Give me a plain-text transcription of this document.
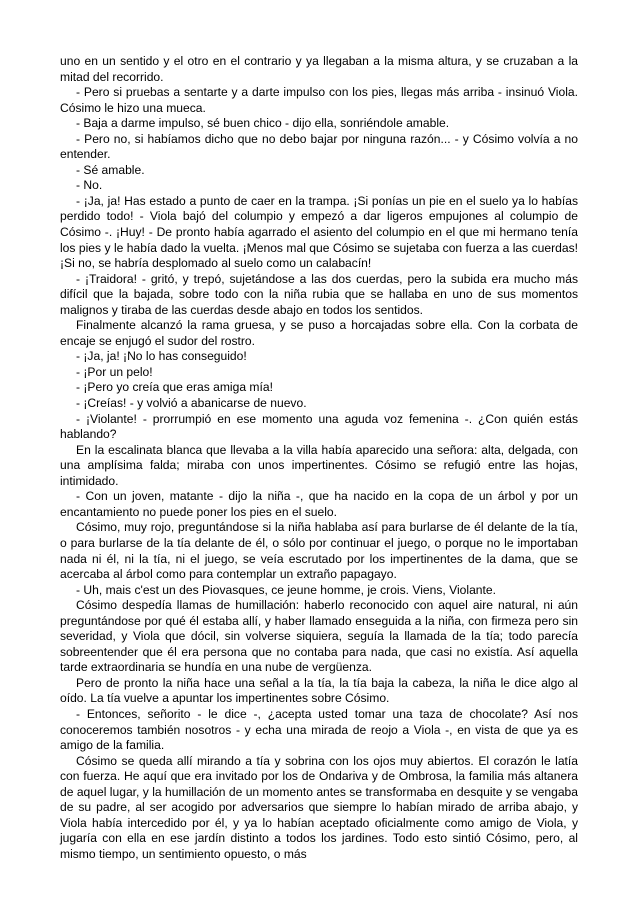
uno en un sentido y el otro en el contrario y ya llegaban a la misma altura, y se cruzaban a la mitad del recorrido.

- Pero si pruebas a sentarte y a darte impulso con los pies, llegas más arriba - insinuó Viola. Cósimo le hizo una mueca.

- Baja a darme impulso, sé buen chico - dijo ella, sonriéndole amable.

- Pero no, si habíamos dicho que no debo bajar por ninguna razón... - y Cósimo volvía a no entender.

- Sé amable.

- No.

- ¡Ja, ja! Has estado a punto de caer en la trampa. ¡Si ponías un pie en el suelo ya lo habías perdido todo! - Viola bajó del columpio y empezó a dar ligeros empujones al columpio de Cósimo -. ¡Huy! - De pronto había agarrado el asiento del columpio en el que mi hermano tenía los pies y le había dado la vuelta. ¡Menos mal que Cósimo se sujetaba con fuerza a las cuerdas! ¡Si no, se habría desplomado al suelo como un calabacín!

- ¡Traidora! - gritó, y trepó, sujetándose a las dos cuerdas, pero la subida era mucho más difícil que la bajada, sobre todo con la niña rubia que se hallaba en uno de sus momentos malignos y tiraba de las cuerdas desde abajo en todos los sentidos.

Finalmente alcanzó la rama gruesa, y se puso a horcajadas sobre ella. Con la corbata de encaje se enjugó el sudor del rostro.

- ¡Ja, ja! ¡No lo has conseguido!

- ¡Por un pelo!

- ¡Pero yo creía que eras amiga mía!

- ¡Creías! - y volvió a abanicarse de nuevo.

- ¡Violante! - prorrumpió en ese momento una aguda voz femenina -. ¿Con quién estás hablando?

En la escalinata blanca que llevaba a la villa había aparecido una señora: alta, delgada, con una amplísima falda; miraba con unos impertinentes. Cósimo se refugió entre las hojas, intimidado.

- Con un joven, matante - dijo la niña -, que ha nacido en la copa de un árbol y por un encantamiento no puede poner los pies en el suelo.

Cósimo, muy rojo, preguntándose si la niña hablaba así para burlarse de él delante de la tía, o para burlarse de la tía delante de él, o sólo por continuar el juego, o porque no le importaban nada ni él, ni la tía, ni el juego, se veía escrutado por los impertinentes de la dama, que se acercaba al árbol como para contemplar un extraño papagayo.

- Uh, mais c'est un des Piovasques, ce jeune homme, je crois. Viens, Violante.

Cósimo despedía llamas de humillación: haberlo reconocido con aquel aire natural, ni aún preguntándose por qué él estaba allí, y haber llamado enseguida a la niña, con firmeza pero sin severidad, y Viola que dócil, sin volverse siquiera, seguía la llamada de la tía; todo parecía sobreentender que él era persona que no contaba para nada, que casi no existía. Así aquella tarde extraordinaria se hundía en una nube de vergüenza.

Pero de pronto la niña hace una señal a la tía, la tía baja la cabeza, la niña le dice algo al oído. La tía vuelve a apuntar los impertinentes sobre Cósimo.

- Entonces, señorito - le dice -, ¿acepta usted tomar una taza de chocolate? Así nos conoceremos también nosotros - y echa una mirada de reojo a Viola -, en vista de que ya es amigo de la familia.

Cósimo se queda allí mirando a tía y sobrina con los ojos muy abiertos. El corazón le latía con fuerza. He aquí que era invitado por los de Ondariva y de Ombrosa, la familia más altanera de aquel lugar, y la humillación de un momento antes se transformaba en desquite y se vengaba de su padre, al ser acogido por adversarios que siempre lo habían mirado de arriba abajo, y Viola había intercedido por él, y ya lo habían aceptado oficialmente como amigo de Viola, y jugaría con ella en ese jardín distinto a todos los jardines. Todo esto sintió Cósimo, pero, al mismo tiempo, un sentimiento opuesto, o más
